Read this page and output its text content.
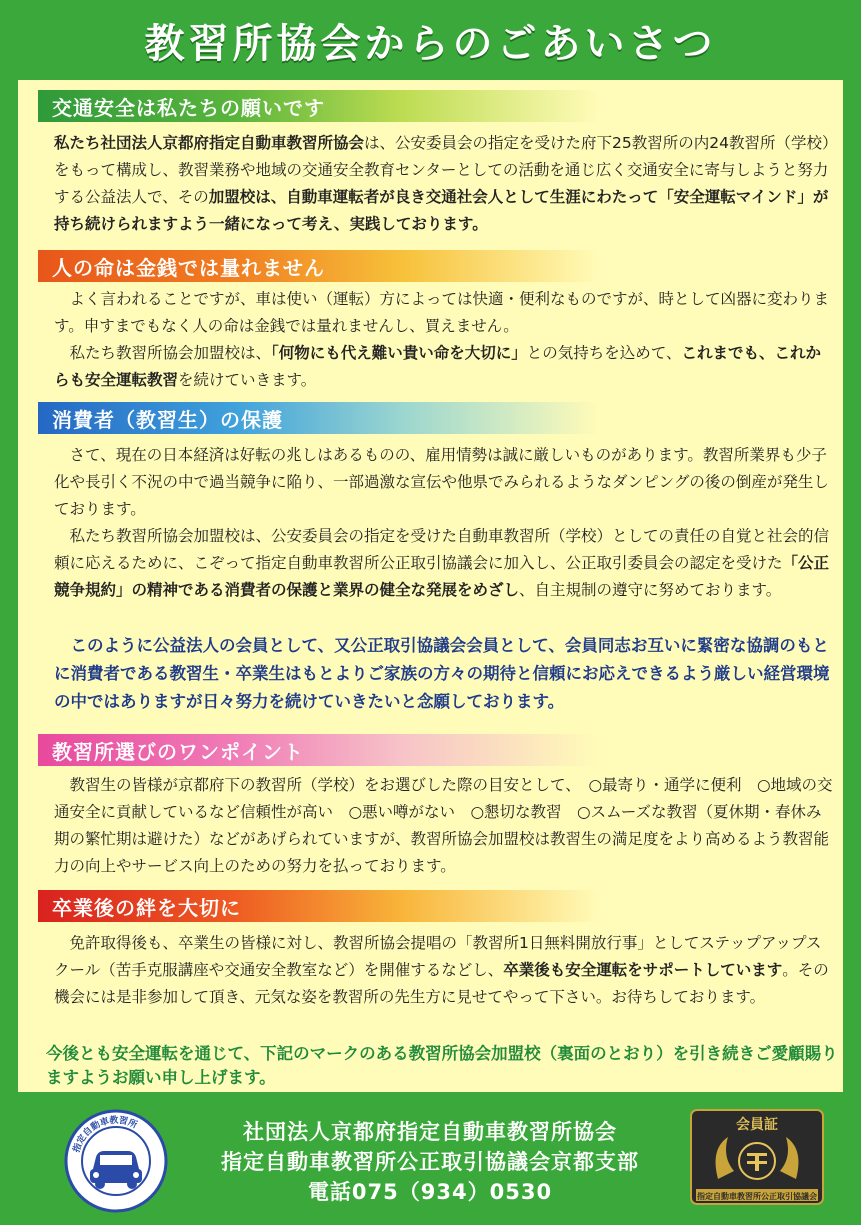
教習所協会からのごあいさつ
交通安全は私たちの願いです

私たち社団法人京都府指定自動車教習所協会は、公安委員会の指定を受けた府下25教習所の内24教習所（学校）をもって構成し、教習業務や地域の交通安全教育センターとしての活動を通じ広く交通安全に寄与しようと努力する公益法人で、その加盟校は、自動車運転者が良き交通社会人として生涯にわたって「安全運転マインド」が持ち続けられますよう一緒になって考え、実践しております。

人の命は金銭では量れません

　よく言われることですが、車は使い（運転）方によっては快適・便利なものですが、時として凶器に変わります。申すまでもなく人の命は金銭では量れませんし、買えません。

　私たち教習所協会加盟校は、「何物にも代え難い貴い命を大切に」との気持ちを込めて、これまでも、これからも安全運転教習を続けていきます。

消費者（教習生）の保護

　さて、現在の日本経済は好転の兆しはあるものの、雇用情勢は誠に厳しいものがあります。教習所業界も少子化や長引く不況の中で過当競争に陥り、一部過激な宣伝や他県でみられるようなダンピングの後の倒産が発生しております。

　私たち教習所協会加盟校は、公安委員会の指定を受けた自動車教習所（学校）としての責任の自覚と社会的信頼に応えるために、こぞって指定自動車教習所公正取引協議会に加入し、公正取引委員会の認定を受けた「公正競争規約」の精神である消費者の保護と業界の健全な発展をめざし、自主規制の遵守に努めております。

　このように公益法人の会員として、又公正取引協議会会員として、会員同志お互いに緊密な協調のもとに消費者である教習生・卒業生はもとよりご家族の方々の期待と信頼にお応えできるよう厳しい経営環境の中ではありますが日々努力を続けていきたいと念願しております。

教習所選びのワンポイント

　教習生の皆様が京都府下の教習所（学校）をお選びした際の目安として、　○最寄り・通学に便利　○地域の交通安全に貢献しているなど信頼性が高い　○悪い噂がない　○懇切な教習　○スムーズな教習（夏休期・春休み期の繁忙期は避けた）などがあげられていますが、教習所協会加盟校は教習生の満足度をより高めるよう教習能力の向上やサービス向上のための努力を払っております。

卒業後の絆を大切に

　免許取得後も、卒業生の皆様に対し、教習所協会提唱の「教習所1日無料開放行事」としてステップアップスクール（苦手克服講座や交通安全教室など）を開催するなどし、卒業後も安全運転をサポートしています。その機会には是非参加して頂き、元気な姿を教習所の先生方に見せてやって下さい。お待ちしております。

今後とも安全運転を通じて、下記のマークのある教習所協会加盟校（裏面のとおり）を引き続きご愛顧賜りますようお願い申し上げます。

指定自動車教習所	社団法人京都府指定自動車教習所協会
指定自動車教習所公正取引協議会京都支部
電話075（934）0530
会員証
指定自動車教習所公正取引協議会
